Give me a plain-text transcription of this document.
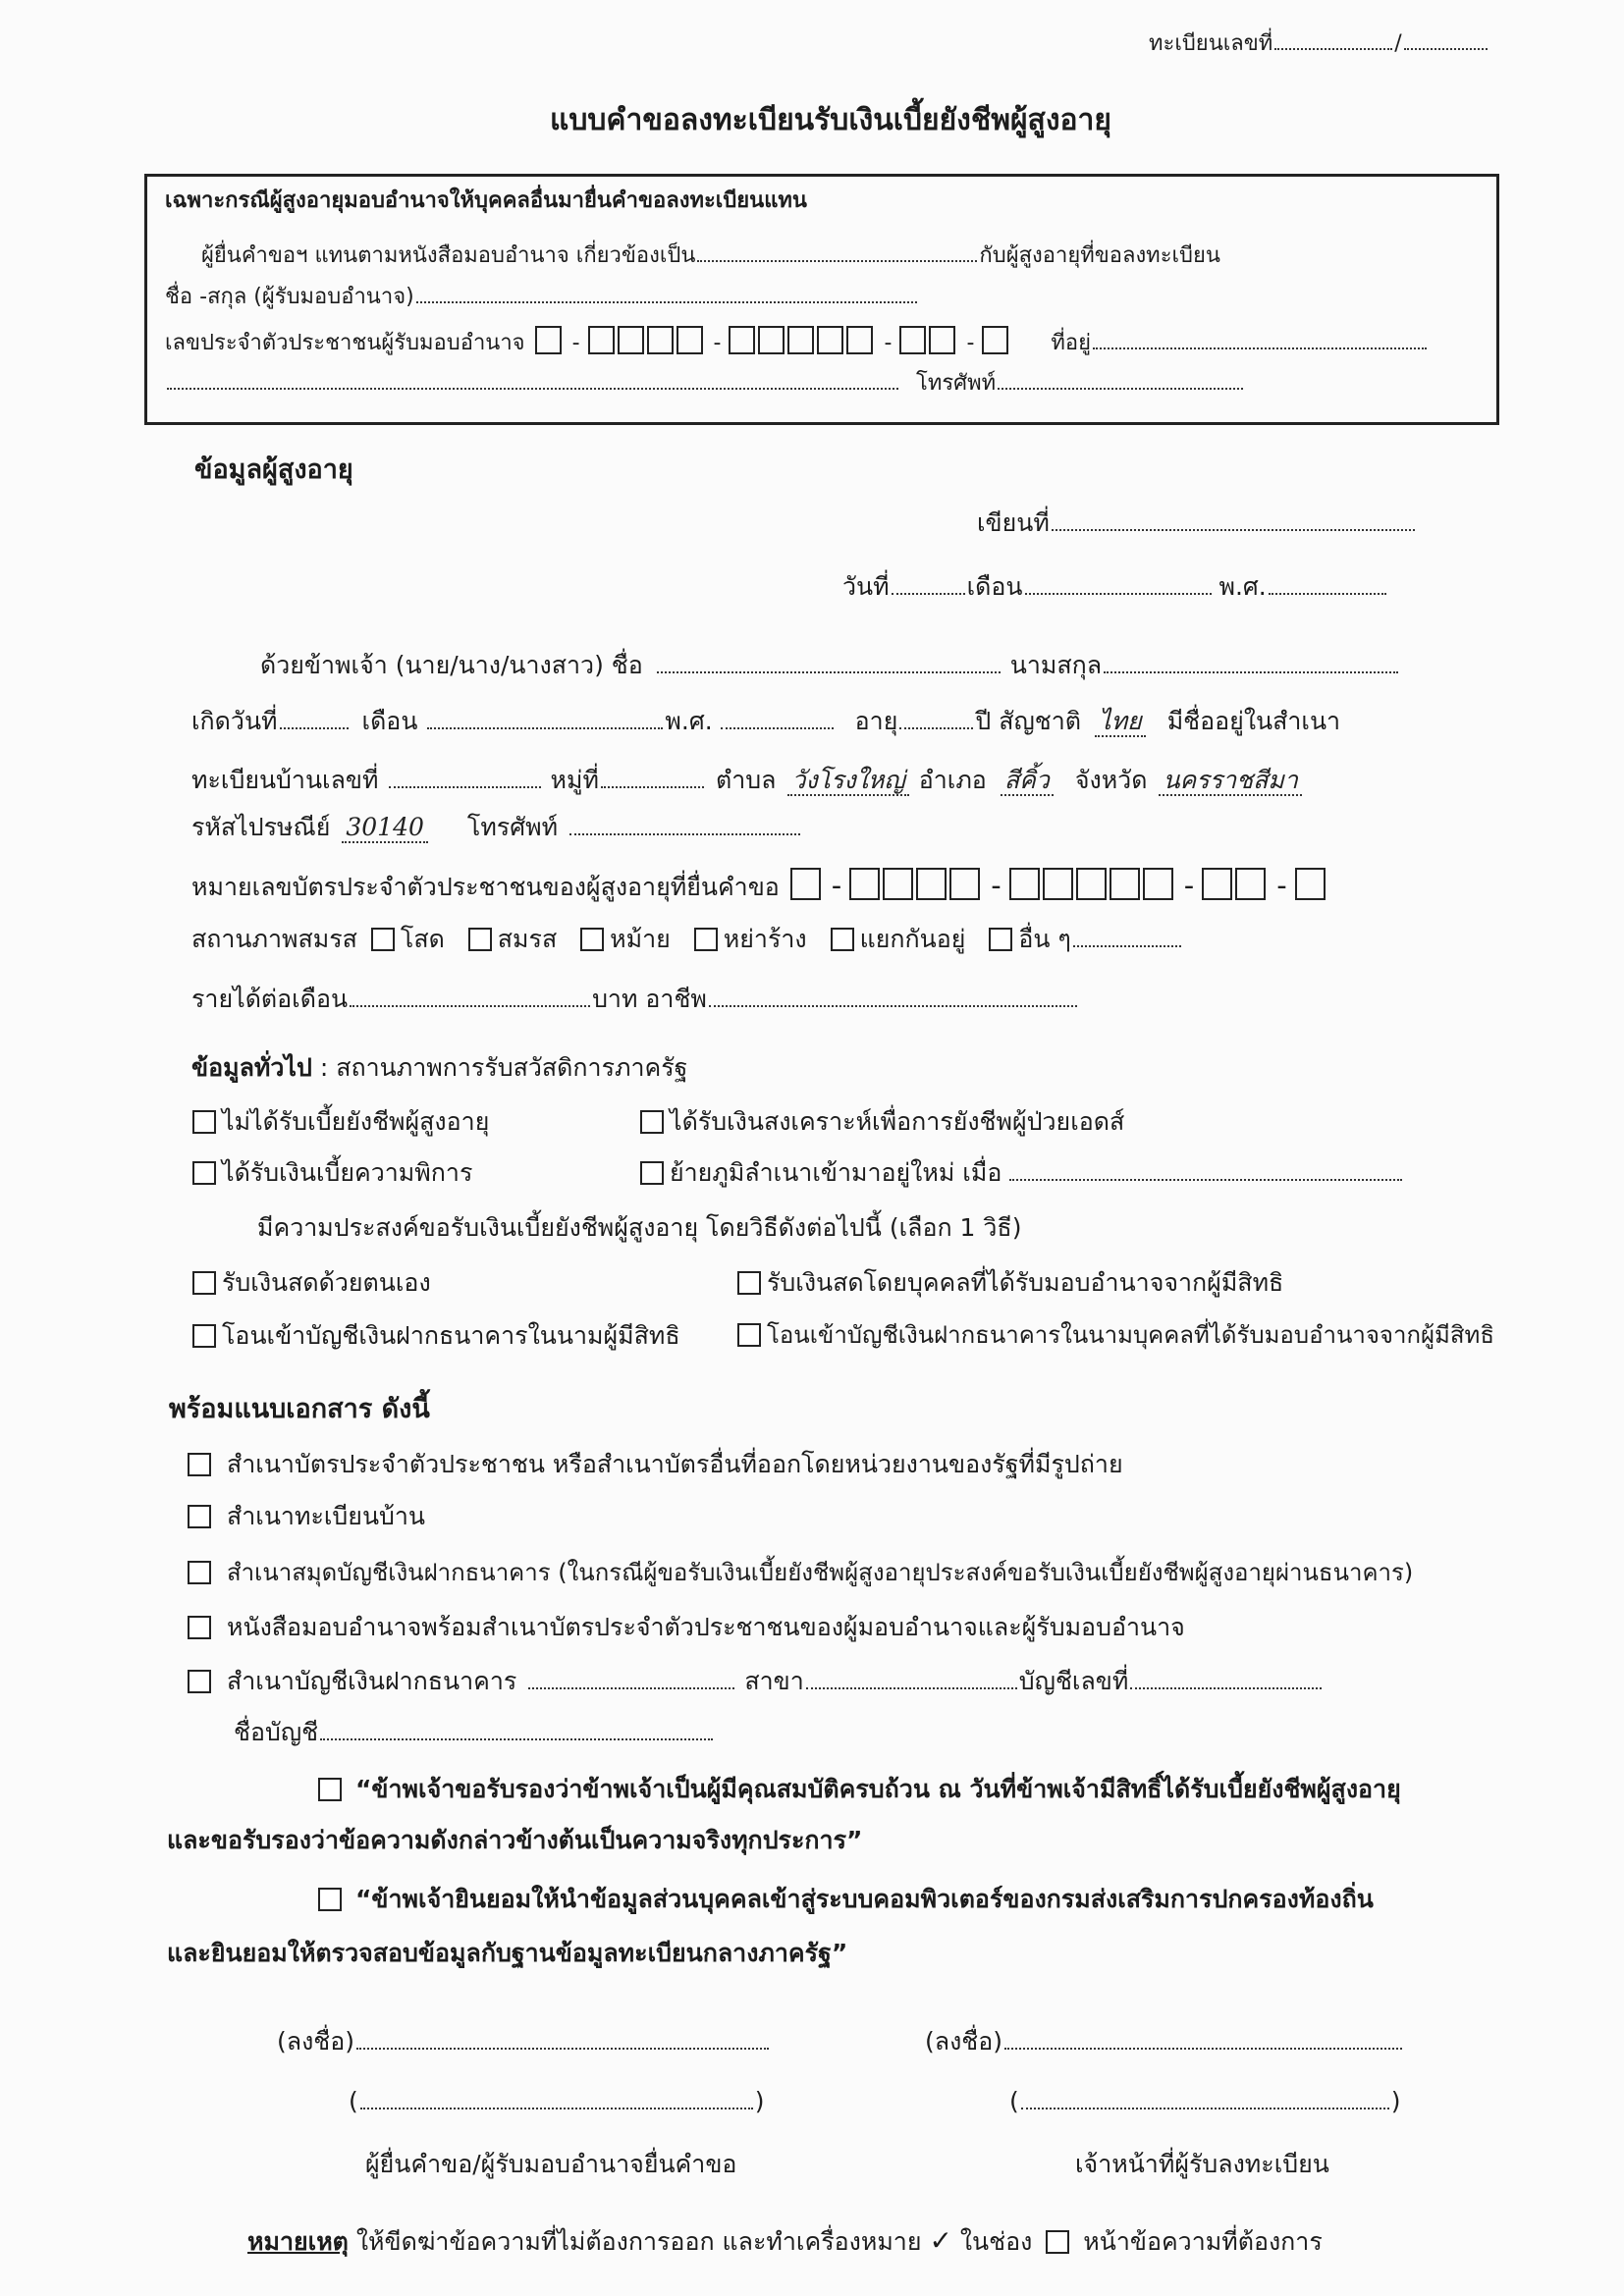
ทะเบียนเลขที่	/
แบบคำขอลงทะเบียนรับเงินเบี้ยยังชีพผู้สูงอายุ
เฉพาะกรณีผู้สูงอายุมอบอำนาจให้บุคคลอื่นมายื่นคำขอลงทะเบียนแทน
ผู้ยื่นคำขอฯ แทนตามหนังสือมอบอำนาจ เกี่ยวข้องเป็น	กับผู้สูงอายุที่ขอลงทะเบียน
ชื่อ -สกุล (ผู้รับมอบอำนาจ)
เลขประจำตัวประชาชนผู้รับมอบอำนาจ -	-	-	-	ที่อยู่
โทรศัพท์
ข้อมูลผู้สูงอายุ
เขียนที่
วันที่	เดือน	พ.ศ.
ด้วยข้าพเจ้า (นาย/นาง/นางสาว) ชื่อ	นามสกุล
เกิดวันที่	เดือน	พ.ศ.	อายุ	ปี สัญชาติ ไทย มีชื่ออยู่ในสำเนา
ทะเบียนบ้านเลขที่	หมู่ที่	ตำบล วังโรงใหญ่ อำเภอ สีคิ้ว จังหวัด นครราชสีมา
รหัสไปรษณีย์ 30140 โทรศัพท์
หมายเลขบัตรประจำตัวประชาชนของผู้สูงอายุที่ยื่นคำขอ -	-	-	-
สถานภาพสมรส โสด สมรส หม้าย หย่าร้าง แยกกันอยู่ อื่น ๆ
รายได้ต่อเดือน	บาท อาชีพ
ข้อมูลทั่วไป : สถานภาพการรับสวัสดิการภาครัฐ
ไม่ได้รับเบี้ยยังชีพผู้สูงอายุ	ได้รับเงินสงเคราะห์เพื่อการยังชีพผู้ป่วยเอดส์
ได้รับเงินเบี้ยความพิการ	ย้ายภูมิลำเนาเข้ามาอยู่ใหม่ เมื่อ
มีความประสงค์ขอรับเงินเบี้ยยังชีพผู้สูงอายุ โดยวิธีดังต่อไปนี้ (เลือก 1 วิธี)
รับเงินสดด้วยตนเอง	รับเงินสดโดยบุคคลที่ได้รับมอบอำนาจจากผู้มีสิทธิ
โอนเข้าบัญชีเงินฝากธนาคารในนามผู้มีสิทธิ	โอนเข้าบัญชีเงินฝากธนาคารในนามบุคคลที่ได้รับมอบอำนาจจากผู้มีสิทธิ
พร้อมแนบเอกสาร ดังนี้
สำเนาบัตรประจำตัวประชาชน หรือสำเนาบัตรอื่นที่ออกโดยหน่วยงานของรัฐที่มีรูปถ่าย
สำเนาทะเบียนบ้าน
สำเนาสมุดบัญชีเงินฝากธนาคาร (ในกรณีผู้ขอรับเงินเบี้ยยังชีพผู้สูงอายุประสงค์ขอรับเงินเบี้ยยังชีพผู้สูงอายุผ่านธนาคาร)
หนังสือมอบอำนาจพร้อมสำเนาบัตรประจำตัวประชาชนของผู้มอบอำนาจและผู้รับมอบอำนาจ
สำเนาบัญชีเงินฝากธนาคาร	สาขา	บัญชีเลขที่
ชื่อบัญชี
“ข้าพเจ้าขอรับรองว่าข้าพเจ้าเป็นผู้มีคุณสมบัติครบถ้วน ณ วันที่ข้าพเจ้ามีสิทธิ์ได้รับเบี้ยยังชีพผู้สูงอายุ
และขอรับรองว่าข้อความดังกล่าวข้างต้นเป็นความจริงทุกประการ”
“ข้าพเจ้ายินยอมให้นำข้อมูลส่วนบุคคลเข้าสู่ระบบคอมพิวเตอร์ของกรมส่งเสริมการปกครองท้องถิ่น
และยินยอมให้ตรวจสอบข้อมูลกับฐานข้อมูลทะเบียนกลางภาครัฐ”
(ลงชื่อ)	(ลงชื่อ)
(	)	(	)
ผู้ยื่นคำขอ/ผู้รับมอบอำนาจยื่นคำขอ	เจ้าหน้าที่ผู้รับลงทะเบียน
หมายเหตุ ให้ขีดฆ่าข้อความที่ไม่ต้องการออก และทำเครื่องหมาย ✓ ในช่อง  หน้าข้อความที่ต้องการ
